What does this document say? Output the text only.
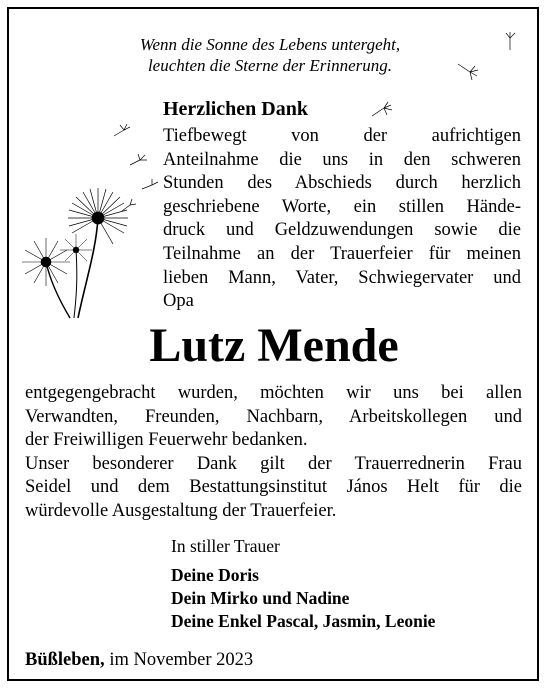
Wenn die Sonne des Lebens untergeht,
leuchten die Sterne der Erinnerung.
Herzlichen Dank
Tiefbewegt von der aufrichtigen
Anteilnahme die uns in den schweren
Stunden des Abschieds durch herzlich
geschriebene Worte, ein stillen Hände-
druck und Geldzuwendungen sowie die
Teilnahme an der Trauerfeier für meinen
lieben Mann, Vater, Schwiegervater und
Opa
Lutz Mende
entgegengebracht wurden, möchten wir uns bei allen
Verwandten, Freunden, Nachbarn, Arbeitskollegen und
der Freiwilligen Feuerwehr bedanken.
Unser besonderer Dank gilt der Trauerrednerin Frau
Seidel und dem Bestattungsinstitut János Helt für die
würdevolle Ausgestaltung der Trauerfeier.
In stiller Trauer
Deine Doris
Dein Mirko und Nadine
Deine Enkel Pascal, Jasmin, Leonie
Büßleben, im November 2023
